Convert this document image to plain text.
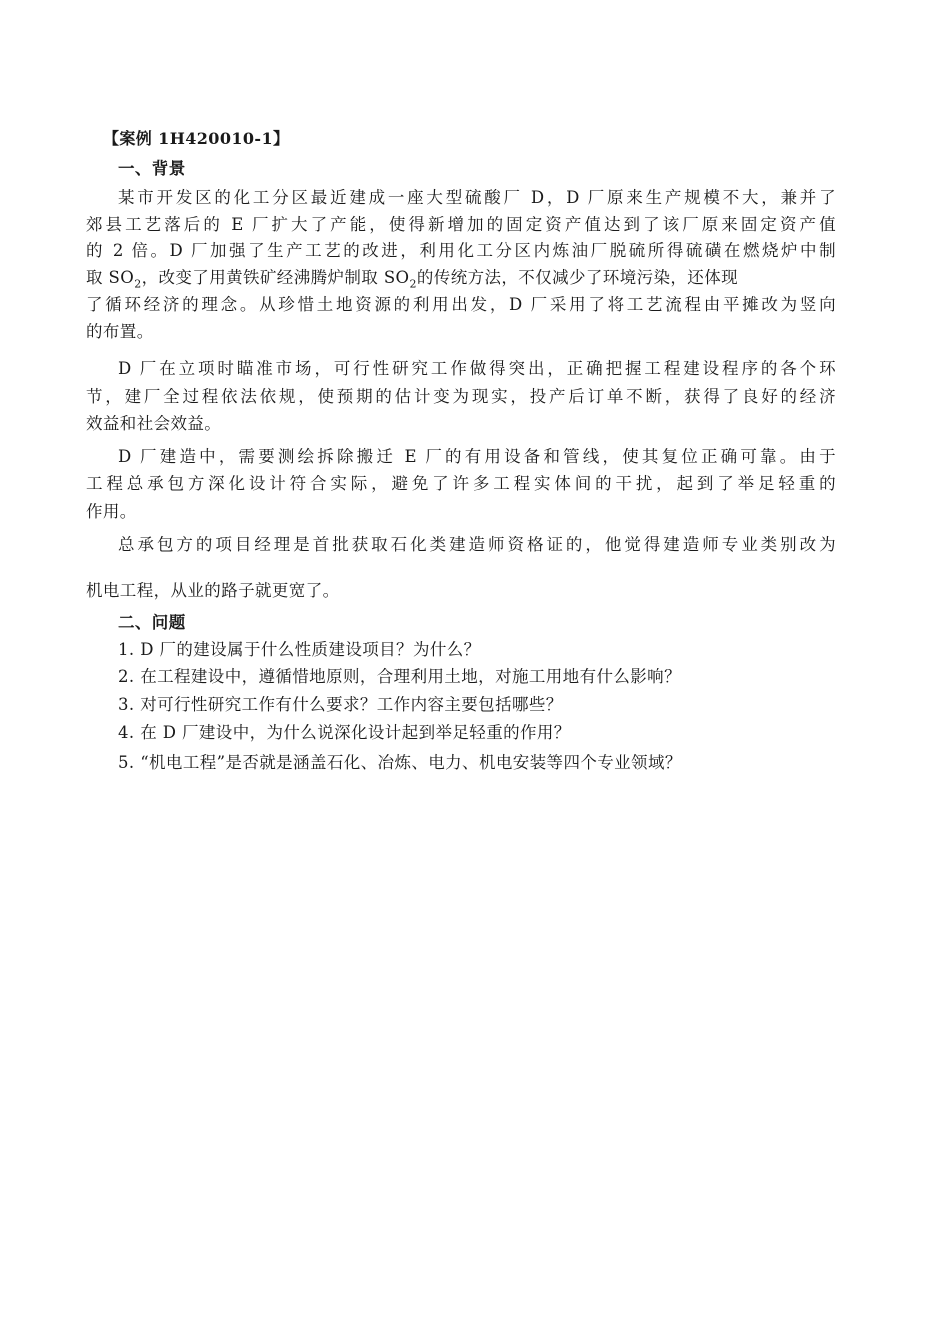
【案例 1H420010-1】
一、背景
某市开发区的化工分区最近建成一座大型硫酸厂 D，D 厂原来生产规模不大，兼并了
郊县工艺落后的 E 厂扩大了产能，使得新增加的固定资产值达到了该厂原来固定资产值
的 2 倍。D 厂加强了生产工艺的改进，利用化工分区内炼油厂脱硫所得硫磺在燃烧炉中制
取 $SO_2$，改变了用黄铁矿经沸腾炉制取 $SO_2$的传统方法，不仅减少了环境污染，还体现
了循环经济的理念。从珍惜土地资源的利用出发，D 厂采用了将工艺流程由平摊改为竖向
的布置。
D 厂在立项时瞄准市场，可行性研究工作做得突出，正确把握工程建设程序的各个环
节，建厂全过程依法依规，使预期的估计变为现实，投产后订单不断，获得了良好的经济
效益和社会效益。
D 厂建造中，需要测绘拆除搬迁 E 厂的有用设备和管线，使其复位正确可靠。由于
工程总承包方深化设计符合实际，避免了许多工程实体间的干扰，起到了举足轻重的
作用。
总承包方的项目经理是首批获取石化类建造师资格证的，他觉得建造师专业类别改为
机电工程，从业的路子就更宽了。
二、问题
1. D 厂的建设属于什么性质建设项目？为什么？
2. 在工程建设中，遵循惜地原则，合理利用土地，对施工用地有什么影响？
3. 对可行性研究工作有什么要求？工作内容主要包括哪些？
4. 在 D 厂建设中，为什么说深化设计起到举足轻重的作用？
5. “机电工程”是否就是涵盖石化、冶炼、电力、机电安装等四个专业领域？
